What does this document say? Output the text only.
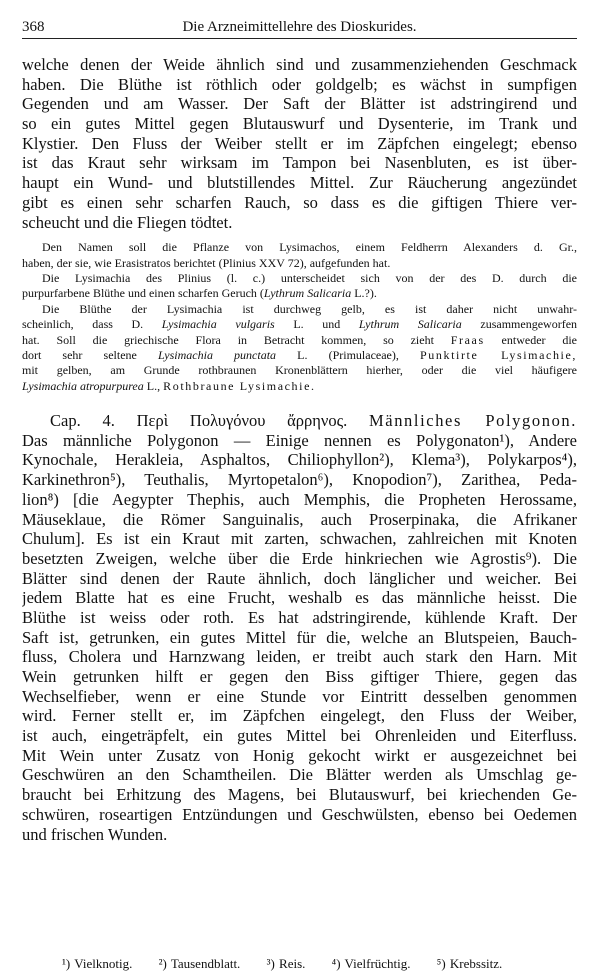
368	Die Arzneimittellehre des Dioskurides.
welche denen der Weide ähnlich sind und zusammenziehenden Geschmack
haben. Die Blüthe ist röthlich oder goldgelb; es wächst in sumpfigen
Gegenden und am Wasser. Der Saft der Blätter ist adstringirend und
so ein gutes Mittel gegen Blutauswurf und Dysenterie, im Trank und
Klystier. Den Fluss der Weiber stellt er im Zäpfchen eingelegt; ebenso
ist das Kraut sehr wirksam im Tampon bei Nasenbluten, es ist über-
haupt ein Wund- und blutstillendes Mittel. Zur Räucherung angezündet
gibt es einen sehr scharfen Rauch, so dass es die giftigen Thiere ver-
scheucht und die Fliegen tödtet.
Den Namen soll die Pflanze von Lysimachos, einem Feldherrn Alexanders d. Gr.,
haben, der sie, wie Erasistratos berichtet (Plinius XXV 72), aufgefunden hat.
Die Lysimachia des Plinius (l. c.) unterscheidet sich von der des D. durch die
purpurfarbene Blüthe und einen scharfen Geruch (Lythrum Salicaria L.?).
Die Blüthe der Lysimachia ist durchweg gelb, es ist daher nicht unwahr-
scheinlich, dass D. Lysimachia vulgaris L. und Lythrum Salicaria zusammengeworfen
hat. Soll die griechische Flora in Betracht kommen, so zieht Fraas entweder die
dort sehr seltene Lysimachia punctata L. (Primulaceae), Punktirte Lysimachie,
mit gelben, am Grunde rothbraunen Kronenblättern hierher, oder die viel häufigere
Lysimachia atropurpurea L., Rothbraune Lysimachie.
Cap. 4. Περὶ Πολυγόνου ἄρρηνος. Männliches Polygonon.
Das männliche Polygonon — Einige nennen es Polygonaton¹), Andere
Kynochale, Herakleia, Asphaltos, Chiliophyllon²), Klema³), Polykarpos⁴),
Karkinethron⁵), Teuthalis, Myrtopetalon⁶), Knopodion⁷), Zarithea, Peda-
lion⁸) [die Aegypter Thephis, auch Memphis, die Propheten Herossame,
Mäuseklaue, die Römer Sanguinalis, auch Proserpinaka, die Afrikaner
Chulum]. Es ist ein Kraut mit zarten, schwachen, zahlreichen mit Knoten
besetzten Zweigen, welche über die Erde hinkriechen wie Agrostis⁹). Die
Blätter sind denen der Raute ähnlich, doch länglicher und weicher. Bei
jedem Blatte hat es eine Frucht, weshalb es das männliche heisst. Die
Blüthe ist weiss oder roth. Es hat adstringirende, kühlende Kraft. Der
Saft ist, getrunken, ein gutes Mittel für die, welche an Blutspeien, Bauch-
fluss, Cholera und Harnzwang leiden, er treibt auch stark den Harn. Mit
Wein getrunken hilft er gegen den Biss giftiger Thiere, gegen das
Wechselfieber, wenn er eine Stunde vor Eintritt desselben genommen
wird. Ferner stellt er, im Zäpfchen eingelegt, den Fluss der Weiber,
ist auch, eingeträpfelt, ein gutes Mittel bei Ohrenleiden und Eiterfluss.
Mit Wein unter Zusatz von Honig gekocht wirkt er ausgezeichnet bei
Geschwüren an den Schamtheilen. Die Blätter werden als Umschlag ge-
braucht bei Erhitzung des Magens, bei Blutauswurf, bei kriechenden Ge-
schwüren, roseartigen Entzündungen und Geschwülsten, ebenso bei Oedemen
und frischen Wunden.
¹) Vielknotig. ²) Tausendblatt. ³) Reis. ⁴) Vielfrüchtig. ⁵) Krebssitz.
